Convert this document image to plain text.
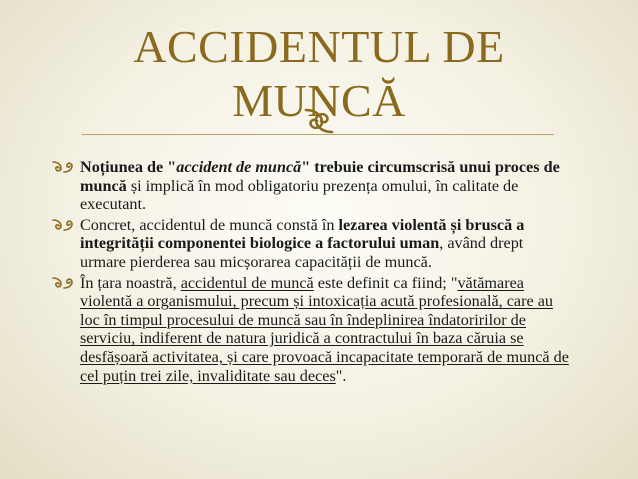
ACCIDENTUL DE MUNCĂ
Noțiunea de "accident de muncă" trebuie circumscrisă unui proces de muncă și implică în mod obligatoriu prezența omului, în calitate de executant.
Concret, accidentul de muncă constă în lezarea violentă și bruscă a integrității componentei biologice a factorului uman, având drept urmare pierderea sau micșorarea capacității de muncă.
În țara noastră, accidentul de muncă este definit ca fiind; "vătămarea violentă a organismului, precum și intoxicația acută profesională, care au loc în timpul procesului de muncă sau în îndeplinirea îndatoririlor de serviciu, indiferent de natura juridică a contractului în baza căruia se desfășoară activitatea, și care provoacă incapacitate temporară de muncă de cel puțin trei zile, invaliditate sau deces".
